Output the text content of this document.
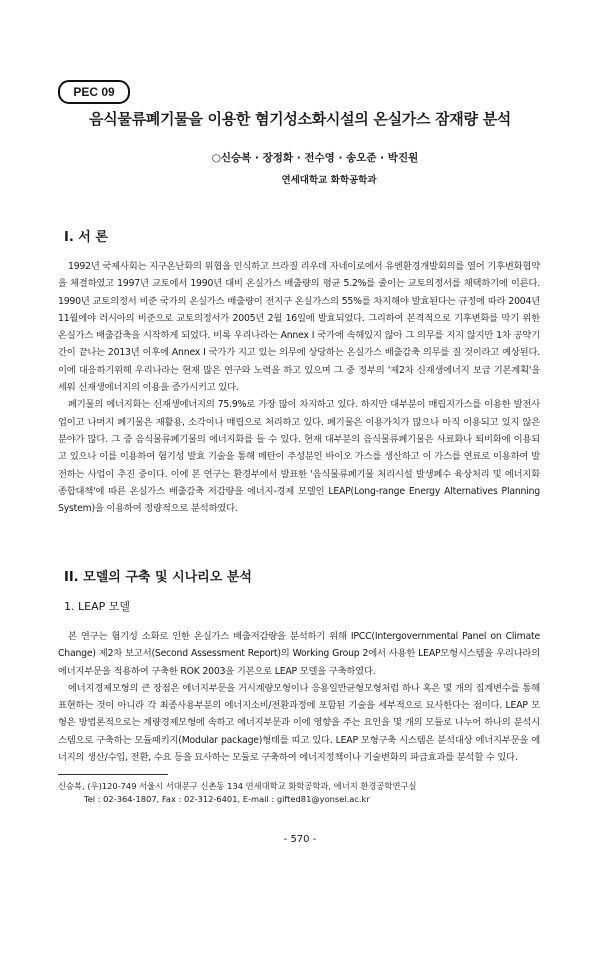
PEC 09
음식물류폐기물을 이용한 혐기성소화시설의 온실가스 잠재량 분석
○신승복 · 장정화 · 전수영 · 송오준 · 박진원
연세대학교 화학공학과
I. 서 론

1992년 국제사회는 지구온난화의 위협을 인식하고 브라질 리우데 자네이로에서 유엔환경개발회의를 열어 기후변화협약을 체결하였고 1997년 교토에서 1990년 대비 온실가스 배출량의 평균 5.2%를 줄이는 교토의정서를 채택하기에 이른다. 1990년 교토의정서 비준 국가의 온실가스 배출량이 전지구 온실가스의 55%를 차지해야 발효된다는 규정에 따라 2004년 11월에야 러시아의 비준으로 교토의정서가 2005년 2월 16일에 발효되었다. 그리하여 본격적으로 기후변화를 막기 위한 온실가스 배출감축을 시작하게 되었다. 비록 우리나라는 Annex I 국가에 속해있지 않아 그 의무를 지지 않지만 1차 공약기간이 끝나는 2013년 이후에 Annex I 국가가 지고 있는 의무에 상당하는 온실가스 배출감축 의무를 질 것이라고 예상된다. 이에 대응하기위해 우리나라는 현재 많은 연구와 노력을 하고 있으며 그 중 정부의 '제2차 신재생에너지 보급 기본계획'을 세워 신재생에너지의 이용을 증가시키고 있다.

폐기물의 에너지화는 신재생에너지의 75.9%로 가장 많이 차지하고 있다. 하지만 대부분이 매립지가스를 이용한 발전사업이고 나머지 폐기물은 재활용, 소각이나 매립으로 처리하고 있다. 폐기물은 이용가치가 많으나 아직 이용되고 있지 않은 분야가 많다. 그 중 음식물류폐기물의 에너지화를 들 수 있다. 현재 대부분의 음식물류폐기물은 사료화나 퇴비화에 이용되고 있으나 이를 이용하여 혐기성 발효 기술을 통해 메탄이 주성분인 바이오 가스를 생산하고 이 가스를 연료로 이용하여 발전하는 사업이 추진 중이다. 이에 본 연구는 환경부에서 발표한 '음식물류폐기물 처리시설 발생폐수 육상처리 및 에너지화 종합대책'에 따른 온실가스 배출감축 저감량을 에너지-경제 모델인 LEAP(Long-range Energy Alternatives Planning System)을 이용하여 정량적으로 분석하였다.

II. 모델의 구축 및 시나리오 분석
1. LEAP 모델

본 연구는 혐기성 소화로 인한 온실가스 배출저감량을 분석하기 위해 IPCC(Intergovernmental Panel on Climate Change) 제2차 보고서(Second Assessment Report)의 Working Group 2에서 사용한 LEAP모형시스템을 우리나라의 에너지부문을 적용하여 구축한 ROK 2003을 기본으로 LEAP 모델을 구축하였다.

에너지경제모형의 큰 장점은 에너지부문을 거시계량모형이나 응용일반균형모형처럼 하나 혹은 몇 개의 집계변수를 통해 표현하는 것이 아니라 각 최종사용부분의 에너지소비/전환과정에 포함된 기술을 세부적으로 묘사한다는 점이다. LEAP 모형은 방법론적으로는 계량경제모형에 속하고 에너지부문과 이에 영향을 주는 요인을 몇 개의 모듈로 나누어 하나의 분석시스템으로 구축하는 모듈패키지(Modular package)형태를 띠고 있다. LEAP 모형구축 시스템은 분석대상 에너지부문을 에너지의 생산/수입, 전환, 수요 등을 묘사하는 모듈로 구축하여 에너지정책이나 기술변화의 파급효과를 분석할 수 있다.

신승복, (우)120-749 서울시 서대문구 신촌동 134 연세대학교 화학공학과, 에너지 환경공학연구실
Tel : 02-364-1807, Fax : 02-312-6401, E-mail : gifted81@yonsei.ac.kr
- 570 -
